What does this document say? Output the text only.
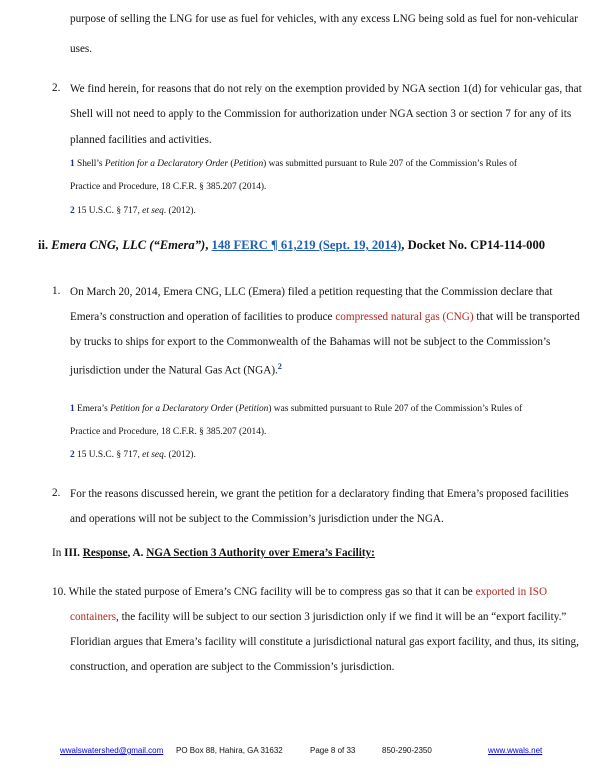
purpose of selling the LNG for use as fuel for vehicles, with any excess LNG being sold as fuel for non-vehicular
uses.
2. We find herein, for reasons that do not rely on the exemption provided by NGA section 1(d) for vehicular gas, that
Shell will not need to apply to the Commission for authorization under NGA section 3 or section 7 for any of its
planned facilities and activities.
1 Shell’s Petition for a Declaratory Order (Petition) was submitted pursuant to Rule 207 of the Commission’s Rules of
Practice and Procedure, 18 C.F.R. § 385.207 (2014).
2 15 U.S.C. § 717, et seq. (2012).
ii. Emera CNG, LLC (“Emera”), 148 FERC ¶ 61,219 (Sept. 19, 2014), Docket No. CP14-114-000
1. On March 20, 2014, Emera CNG, LLC (Emera) filed a petition requesting that the Commission declare that
Emera’s construction and operation of facilities to produce compressed natural gas (CNG) that will be transported
by trucks to ships for export to the Commonwealth of the Bahamas will not be subject to the Commission’s
jurisdiction under the Natural Gas Act (NGA).$^2$
1 Emera’s Petition for a Declaratory Order (Petition) was submitted pursuant to Rule 207 of the Commission’s Rules of
Practice and Procedure, 18 C.F.R. § 385.207 (2014).
2 15 U.S.C. § 717, et seq. (2012).
2. For the reasons discussed herein, we grant the petition for a declaratory finding that Emera’s proposed facilities
and operations will not be subject to the Commission’s jurisdiction under the NGA.
In III. Response, A. NGA Section 3 Authority over Emera’s Facility:
10. While the stated purpose of Emera’s CNG facility will be to compress gas so that it can be exported in ISO
containers, the facility will be subject to our section 3 jurisdiction only if we find it will be an “export facility.”
Floridian argues that Emera’s facility will constitute a jurisdictional natural gas export facility, and thus, its siting,
construction, and operation are subject to the Commission’s jurisdiction.
wwalswatershed@gmail.com PO Box 88, Hahira, GA 31632	Page 8 of 33	850-290-2350	www.wwals.net
